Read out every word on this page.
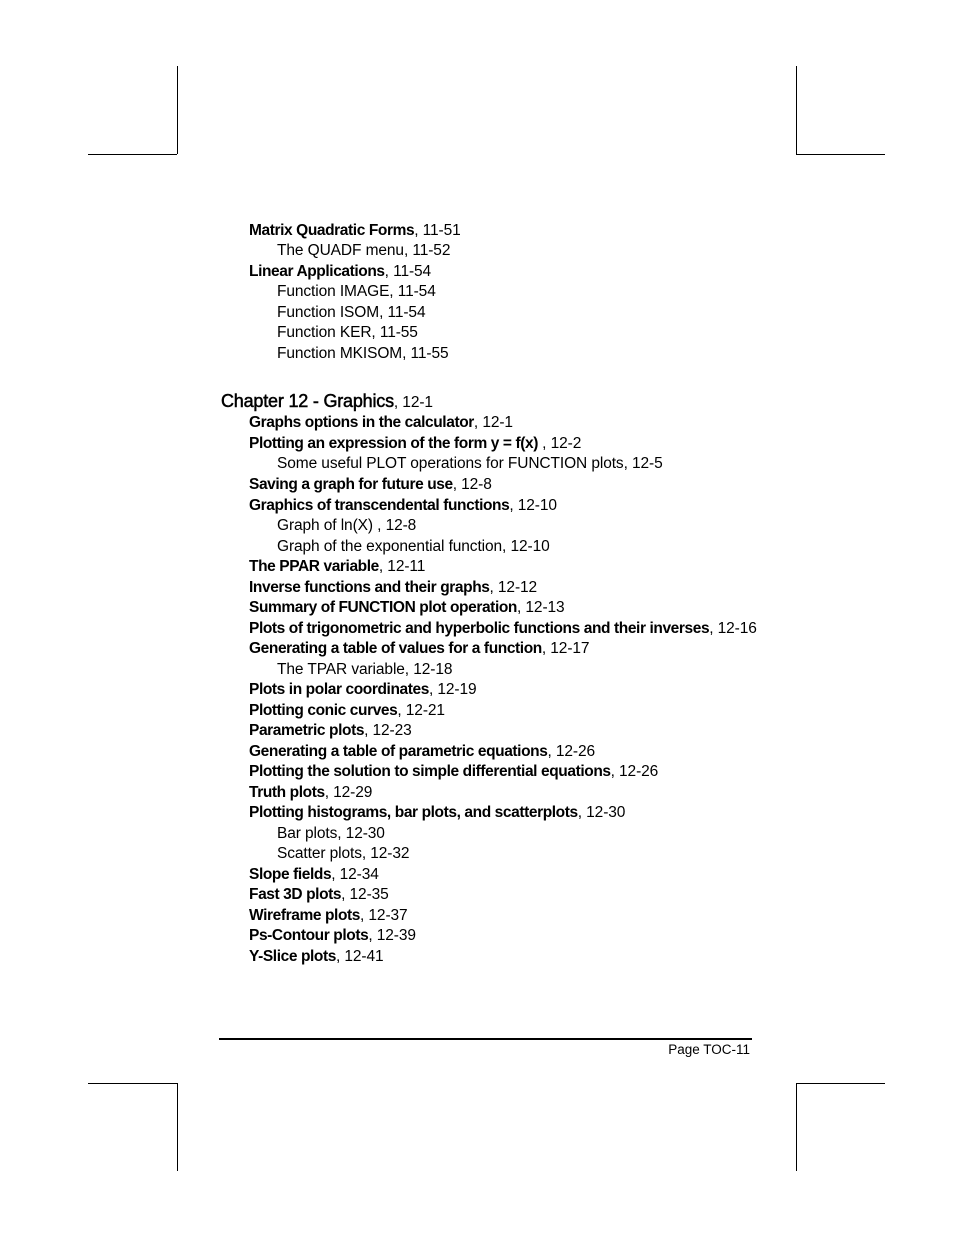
Matrix Quadratic Forms, 11-51
The QUADF menu, 11-52
Linear Applications, 11-54
Function IMAGE, 11-54
Function ISOM, 11-54
Function KER, 11-55
Function MKISOM, 11-55
Chapter 12 - Graphics, 12-1
Graphs options in the calculator, 12-1
Plotting an expression of the form y = f(x) , 12-2
Some useful PLOT operations for FUNCTION plots, 12-5
Saving a graph for future use, 12-8
Graphics of transcendental functions, 12-10
Graph of ln(X) , 12-8
Graph of the exponential function, 12-10
The PPAR variable, 12-11
Inverse functions and their graphs, 12-12
Summary of FUNCTION plot operation, 12-13
Plots of trigonometric and hyperbolic functions and their inverses, 12-16
Generating a table of values for a function, 12-17
The TPAR variable, 12-18
Plots in polar coordinates, 12-19
Plotting conic curves, 12-21
Parametric plots, 12-23
Generating a table of parametric equations, 12-26
Plotting the solution to simple differential equations, 12-26
Truth plots, 12-29
Plotting histograms, bar plots, and scatterplots, 12-30
Bar plots, 12-30
Scatter plots, 12-32
Slope fields, 12-34
Fast 3D plots, 12-35
Wireframe plots, 12-37
Ps-Contour plots, 12-39
Y-Slice plots, 12-41
Page TOC-11
